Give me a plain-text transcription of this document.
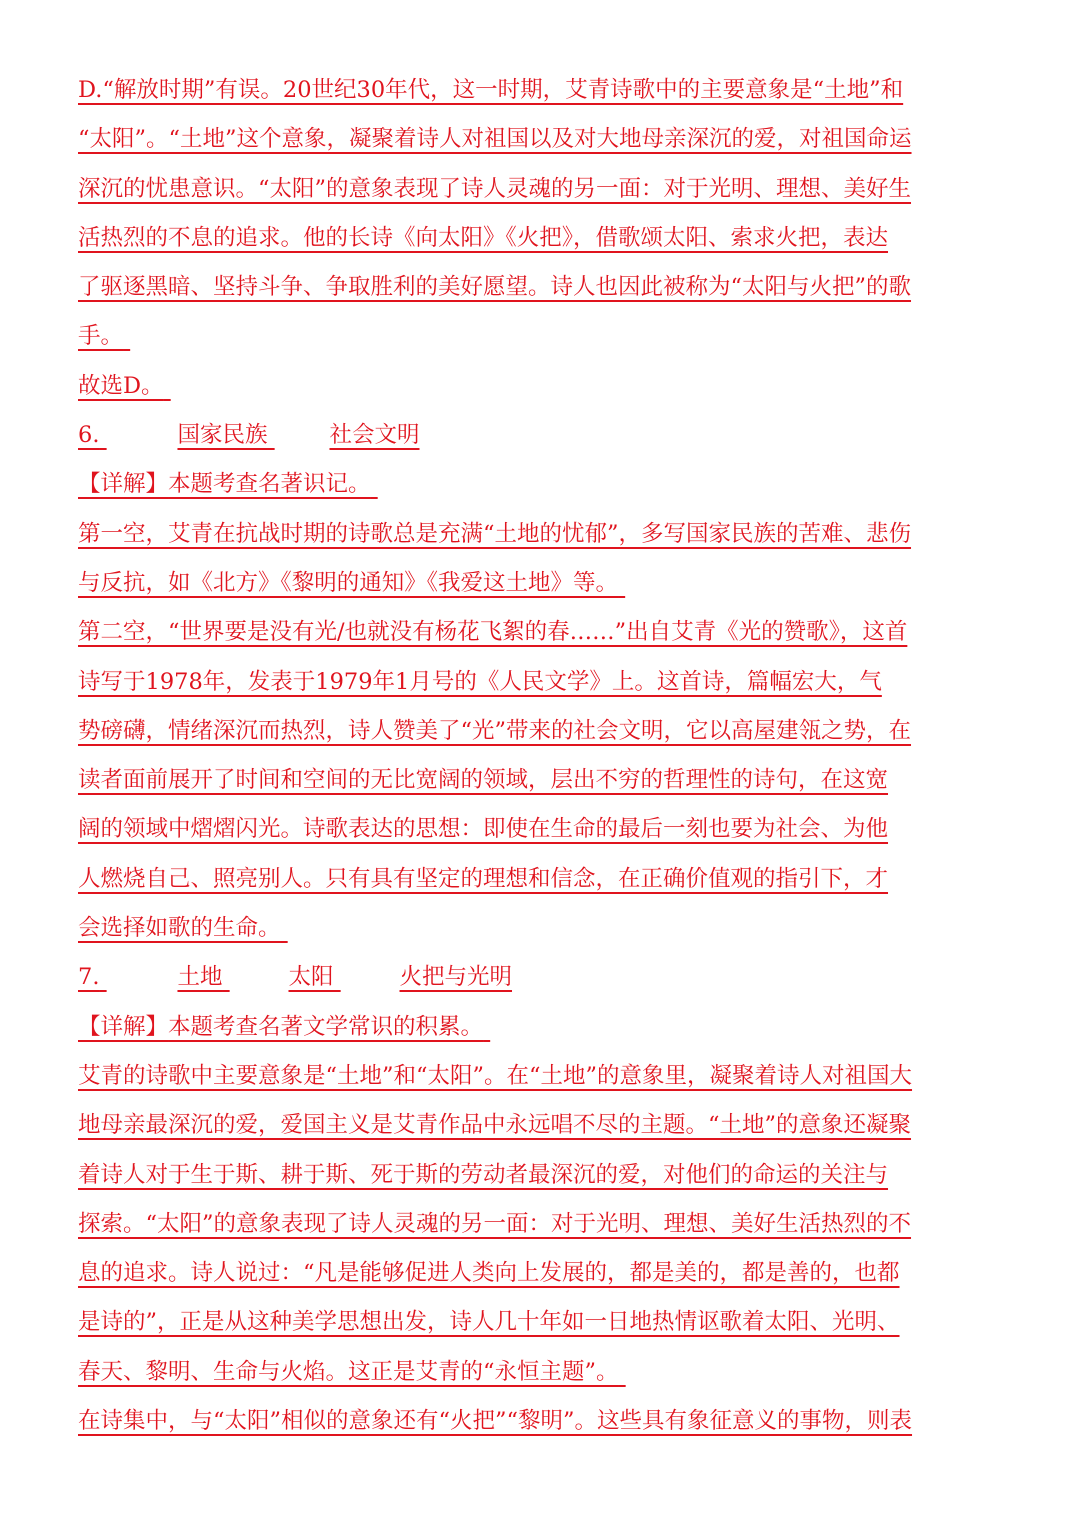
D.“解放时期”有误。20世纪30年代，这一时期，艾青诗歌中的主要意象是“土地”和
“太阳”。“土地”这个意象，凝聚着诗人对祖国以及对大地母亲深沉的爱，对祖国命运
深沉的忧患意识。“太阳”的意象表现了诗人灵魂的另一面：对于光明、理想、美好生
活热烈的不息的追求。他的长诗《向太阳》《火把》，借歌颂太阳、索求火把，表达
了驱逐黑暗、坚持斗争、争取胜利的美好愿望。诗人也因此被称为“太阳与火把”的歌
手。
故选D。
6.	国家民族	社会文明
【详解】本题考查名著识记。
第一空，艾青在抗战时期的诗歌总是充满“土地的忧郁”，多写国家民族的苦难、悲伤
与反抗，如《北方》《黎明的通知》《我爱这土地》等。
第二空，“世界要是没有光/也就没有杨花飞絮的春……”出自艾青《光的赞歌》，这首
诗写于1978年，发表于1979年1月号的《人民文学》上。这首诗，篇幅宏大，气
势磅礴，情绪深沉而热烈，诗人赞美了“光”带来的社会文明，它以高屋建瓴之势，在
读者面前展开了时间和空间的无比宽阔的领域，层出不穷的哲理性的诗句，在这宽
阔的领域中熠熠闪光。诗歌表达的思想：即使在生命的最后一刻也要为社会、为他
人燃烧自己、照亮别人。只有具有坚定的理想和信念，在正确价值观的指引下，才
会选择如歌的生命。
7.	土地	太阳	火把与光明
【详解】本题考查名著文学常识的积累。
艾青的诗歌中主要意象是“土地”和“太阳”。在“土地”的意象里，凝聚着诗人对祖国大
地母亲最深沉的爱，爱国主义是艾青作品中永远唱不尽的主题。“土地”的意象还凝聚
着诗人对于生于斯、耕于斯、死于斯的劳动者最深沉的爱，对他们的命运的关注与
探索。“太阳”的意象表现了诗人灵魂的另一面：对于光明、理想、美好生活热烈的不
息的追求。诗人说过：“凡是能够促进人类向上发展的，都是美的，都是善的，也都
是诗的”，正是从这种美学思想出发，诗人几十年如一日地热情讴歌着太阳、光明、
春天、黎明、生命与火焰。这正是艾青的“永恒主题”。
在诗集中，与“太阳”相似的意象还有“火把”“黎明”。这些具有象征意义的事物，则表
